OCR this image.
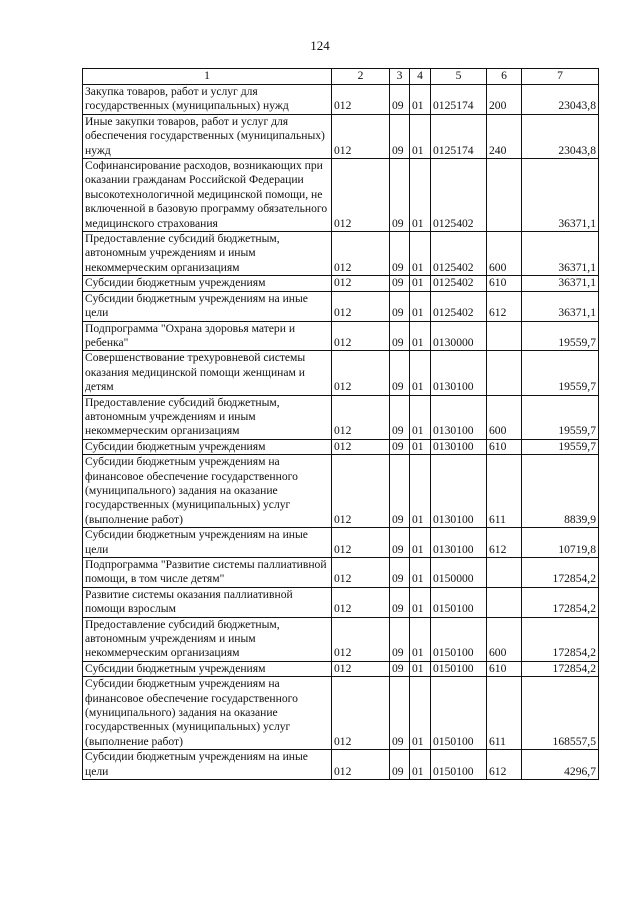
124
1	2	3	4	5	6	7
Закупка товаров, работ и услуг для государственных (муниципальных) нужд	012	09	01	0125174	200	23043,8
Иные закупки товаров, работ и услуг для обеспечения государственных (муниципальных) нужд	012	09	01	0125174	240	23043,8
Софинансирование расходов, возникающих при оказании гражданам Российской Федерации высокотехнологичной медицинской помощи, не включенной в базовую программу обязательного медицинского страхования	012	09	01	0125402		36371,1
Предоставление субсидий бюджетным, автономным учреждениям и иным некоммерческим организациям	012	09	01	0125402	600	36371,1
Субсидии бюджетным учреждениям	012	09	01	0125402	610	36371,1
Субсидии бюджетным учреждениям на иные цели	012	09	01	0125402	612	36371,1
Подпрограмма "Охрана здоровья матери и ребенка"	012	09	01	0130000		19559,7
Совершенствование трехуровневой системы оказания медицинской помощи женщинам и детям	012	09	01	0130100		19559,7
Предоставление субсидий бюджетным, автономным учреждениям и иным некоммерческим организациям	012	09	01	0130100	600	19559,7
Субсидии бюджетным учреждениям	012	09	01	0130100	610	19559,7
Субсидии бюджетным учреждениям на финансовое обеспечение государственного (муниципального) задания на оказание государственных (муниципальных) услуг (выполнение работ)	012	09	01	0130100	611	8839,9
Субсидии бюджетным учреждениям на иные цели	012	09	01	0130100	612	10719,8
Подпрограмма "Развитие системы паллиативной помощи, в том числе детям"	012	09	01	0150000		172854,2
Развитие системы оказания паллиативной помощи взрослым	012	09	01	0150100		172854,2
Предоставление субсидий бюджетным, автономным учреждениям и иным некоммерческим организациям	012	09	01	0150100	600	172854,2
Субсидии бюджетным учреждениям	012	09	01	0150100	610	172854,2
Субсидии бюджетным учреждениям на финансовое обеспечение государственного (муниципального) задания на оказание государственных (муниципальных) услуг (выполнение работ)	012	09	01	0150100	611	168557,5
Субсидии бюджетным учреждениям на иные цели	012	09	01	0150100	612	4296,7
